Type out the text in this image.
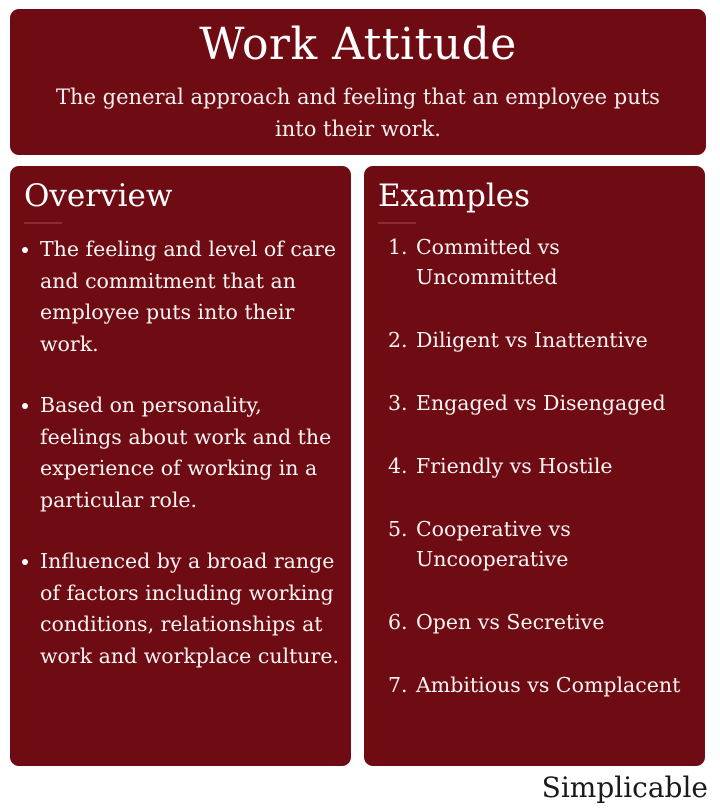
Work Attitude
The general approach and feeling that an employee puts into their work.
Overview
The feeling and level of care and commitment that an employee puts into their work.
Based on personality, feelings about work and the experience of working in a particular role.
Influenced by a broad range of factors including working conditions, relationships at work and workplace culture.
Examples
1. Committed vs Uncommitted
2. Diligent vs Inattentive
3. Engaged vs Disengaged
4. Friendly vs Hostile
5. Cooperative vs Uncooperative
6. Open vs Secretive
7. Ambitious vs Complacent
Simplicable
